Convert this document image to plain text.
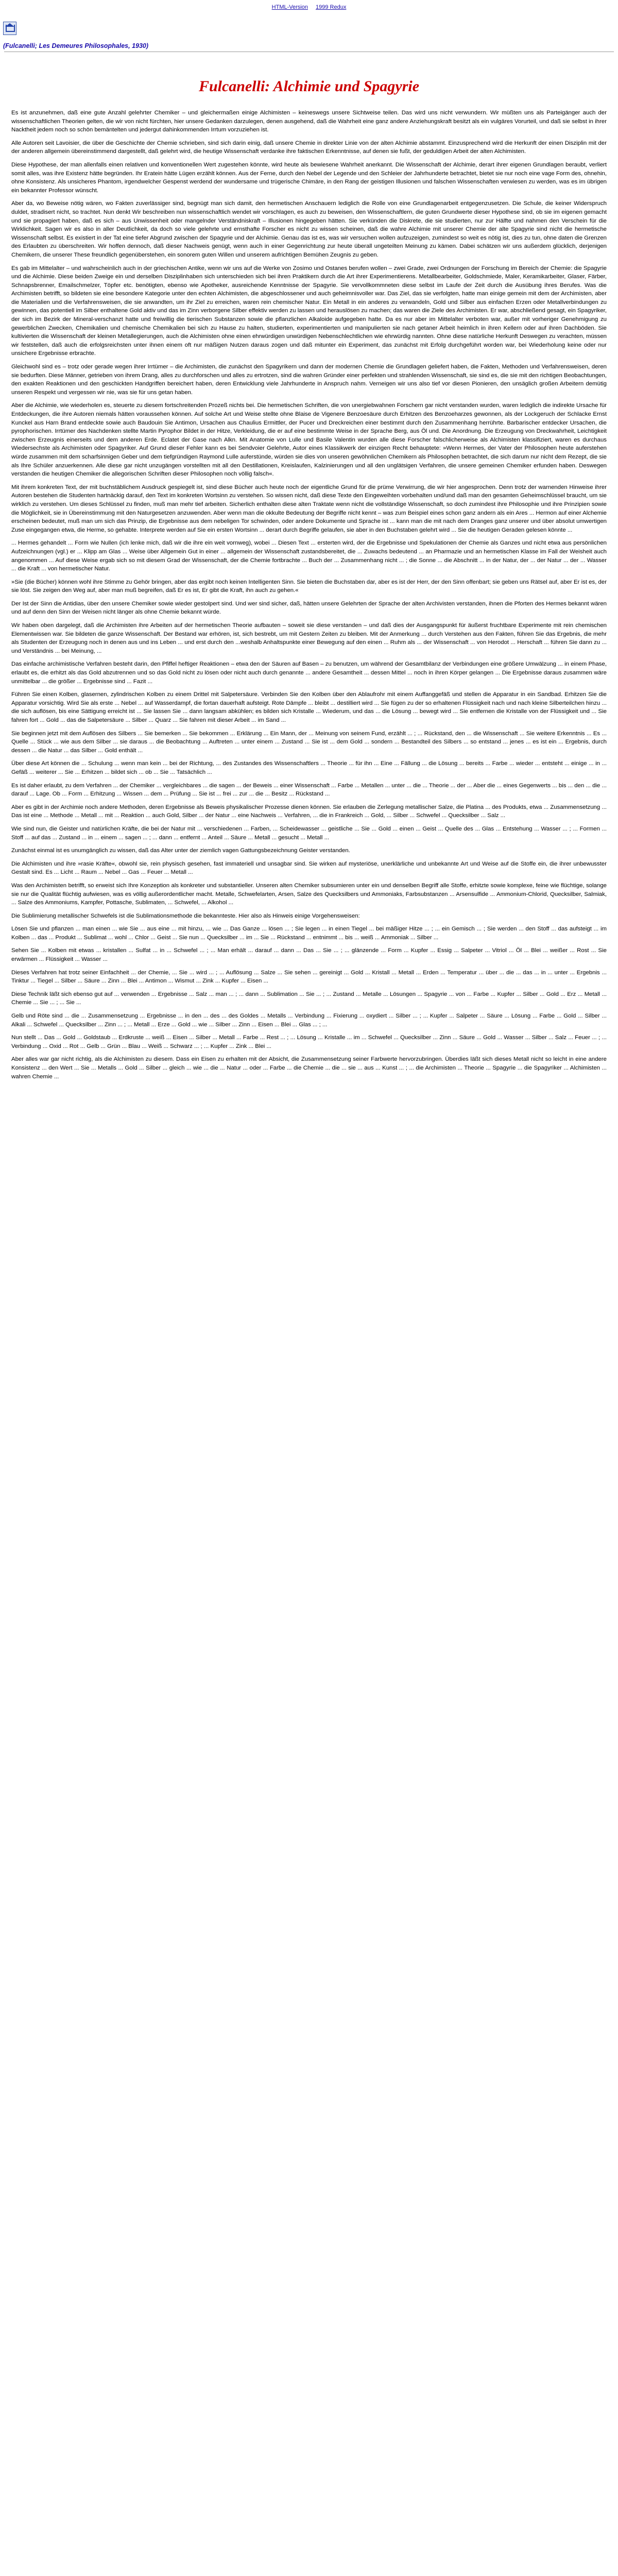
HTML-Version 1999 Redux
(Fulcanelli; Les Demeures Philosophales, 1930)
Fulcanelli: Alchimie und Spagyrie

Es ist anzunehmen, daß eine gute Anzahl gelehrter Chemiker – und gleichermaßen einige Alchimisten – keineswegs unsere Sichtweise teilen. Das wird uns nicht verwundern. Wir müßten uns als Parteigänger auch der wissenschaftlichen Theorien gelten, die wir von nicht fürchten, hier unsere Gedanken darzulegen, denen ausgehend, daß die Wahrheit eine ganz andere Anziehungskraft besitzt als ein vulgäres Vorurteil, und daß sie selbst in ihrer Nacktheit jedem noch so schön bemäntelten und jedergut dahinkommenden Irrtum vorzuziehen ist.

Alle Autoren seit Lavoisier, die über die Geschichte der Chemie schrieben, sind sich darin einig, daß unsere Chemie in direkter Linie von der alten Alchimie abstammt. Einzusprechend wird die Herkunft der einen Disziplin mit der der anderen allgemein übereinstimmend dargestellt, daß gelehrt wird, die heutige Wissenschaft verdanke ihre faktischen Erkenntnisse, auf denen sie fußt, der geduldigen Arbeit der alten Alchimisten.

Diese Hypothese, der man allenfalls einen relativen und konventionellen Wert zugestehen könnte, wird heute als bewiesene Wahrheit anerkannt. Die Wissenschaft der Alchimie, derart ihrer eigenen Grundlagen beraubt, verliert somit alles, was ihre Existenz hätte begründen. Ihr Eratein hätte Lügen erzählt können. Aus der Ferne, durch den Nebel der Legende und den Schleier der Jahrhunderte betrachtet, bietet sie nur noch eine vage Form des, ohnehin, ohne Konsistenz. Als unsicheres Phantom, irgendwelcher Gespenst werdend der wundersame und trügerische Chimäre, in den Rang der geistigen Illusionen und falschen Wissenschaften verwiesen zu werden, was es im übrigen ein bekannter Professor wünscht.

Aber da, wo Beweise nötig wären, wo Fakten zuverlässiger sind, begnügt man sich damit, den hermetischen Anschauern lediglich die Rolle von eine Grundlagenarbeit entgegenzusetzen. Die Schule, die keiner Widerspruch duldet, stradisert nicht, so trachtet. Nun denkt Wir beschreiben nun wissenschaftlich wendet wir vorschlagen, es auch zu beweisen, den Wissenschaftlern, die guten Grundwerte dieser Hypothese sind, ob sie im eigenen gemacht und sie propagiert haben, daß es sich – aus Unwissenheit oder mangelnder Verständniskraft – Illusionen hingegeben hätten. Sie verkünden die Diskrete, die sie studierten, nur zur Hälfte und nahmen den Verschein für die Wirklichkeit. Sagen wir es also in aller Deutlichkeit, da doch so viele gelehrte und ernsthafte Forscher es nicht zu wissen scheinen, daß die wahre Alchimie mit unserer Chemie der alte Spagyrie sind nicht die hermetische Wissenschaft selbst. Es existiert in der Tat eine tiefer Abgrund zwischen der Spagyrie und der Alchimie. Genau das ist es, was wir versuchen wollen aufzuzeigen, zumindest so weit es nötig ist, dies zu tun, ohne daten die Grenzen des Erlaubten zu überschreiten. Wir hoffen dennoch, daß dieser Nachweis genügt, wenn auch in einer Gegenrichtung zur heute überall ungeteilten Meinung zu kämen. Dabei schätzen wir uns außerdem glücklich, derjenigen Chemikern, die unserer These freundlich gegenüberstehen, ein sonorem guten Willen und unserem aufrichtigen Bemühen Zeugnis zu geben.

Es gab im Mittelalter – und wahrscheinlich auch in der griechischen Antike, wenn wir uns auf die Werke von Zosimo und Ostanes berufen wollen – zwei Grade, zwei Ordnungen der Forschung im Bereich der Chemie: die Spagyrie und die Alchimie. Diese beiden Zweige ein und derselben Disziplinhaben sich unterschieden sich bei ihren Praktikern durch die Art ihrer Experimentierens. Metallbearbeiter, Goldschmiede, Maler, Keramikarbeiter, Glaser, Färber, Schnapsbrenner, Emailschmelzer, Töpfer etc. benötigten, ebenso wie Apotheker, ausreichende Kenntnisse der Spagyrie. Sie vervollkommneten diese selbst im Laufe der Zeit durch die Ausübung ihres Berufes. Was die Archimisten betrifft, so bildeten sie eine besondere Kategorie unter den echten Alchimisten, die abgeschlossener und auch geheimnisvoller war. Das Ziel, das sie verfolgten, hatte man einige gemein mit dem der Archimisten, aber die Materialien und die Verfahrensweisen, die sie anwandten, um ihr Ziel zu erreichen, waren rein chemischer Natur. Ein Metall in ein anderes zu verwandeln, Gold und Silber aus einfachen Erzen oder Metallverbindungen zu gewinnen, das potentiell im Silber enthaltene Gold aktiv und das im Zinn verborgene Silber effektiv werden zu lassen und herauslösen zu machen; das waren die Ziele des Archimisten. Er war, abschließend gesagt, ein Spagyriker, der sich im Bezirk der Mineral-verschanzt hatte und freiwillig die tierischen Substanzen sowie die pflanzlichen Alkaloide aufgegeben hatte. Da es nur aber im Mittelalter verboten war, außer mit vorheriger Genehmigung zu gewerblichen Zwecken, Chemikalien und chemische Chemikalien bei sich zu Hause zu halten, studierten, experimentierten und manipulierten sie nach getaner Arbeit heimlich in ihren Kellern oder auf ihren Dachböden. Sie kultivierten die Wissenschaft der kleinen Metallegierungen, auch die Alchimisten ohne einen ehrwürdigen unwürdigen Nebenschlechtlichen wie ehrwürdig nannten. Ohne diese natürliche Herkunft Deswegen zu verachten, müssen wir feststellen, daß auch die erfolgsreichsten unter ihnen einem oft nur mäßigen Nutzen daraus zogen und daß mitunter ein Experiment, das zunächst mit Erfolg durchgeführt worden war, bei Wiederholung keine oder nur unsichere Ergebnisse erbrachte.

Gleichwohl sind es – trotz oder gerade wegen ihrer Irrtümer – die Archimisten, die zunächst den Spagyrikern und dann der modernen Chemie die Grundlagen geliefert haben, die Fakten, Methoden und Verfahrensweisen, deren sie bedurften. Diese Männer, getrieben von ihrem Drang, alles zu durchforschen und alles zu ertrotzen, sind die wahren Gründer einer perfekten und strahlenden Wissenschaft, sie sind es, die sie mit den richtigen Beobachtungen, den exakten Reaktionen und den geschickten Handgriffen bereichert haben, deren Entwicklung viele Jahrhunderte in Anspruch nahm. Verneigen wir uns also tief vor diesen Pionieren, den unsäglich großen Arbeitern demütig unseren Respekt und vergessen wir nie, was sie für uns getan haben.

Aber die Alchimie, wie wiederholen es, steuerte zu diesem fortschreitenden Prozeß nichts bei. Die hermetischen Schriften, die von unergiebwahnen Forschern gar nicht verstanden wurden, waren lediglich die indirekte Ursache für Entdeckungen, die ihre Autoren niemals hätten voraussehen können. Auf solche Art und Weise stellte ohne Blaise de Vigenere Benzoesäure durch Erhitzen des Benzoeharzes gewonnen, als der Lockgeruch der Schlacke Ernst Kunckel aus Harn Brand entdeckte sowie auch Baudouin Sie Antimon, Ursachen aus Chaulius Ermittler, der Pucer und Dreckreichen einer bestimmt durch den Zusammenhang herrührte. Barbarischer entdecker Ursachen, die pyrophorischen. Irrtümer des Nachdenken stellte Martin Pyrophor Bildet in der Hitze, Verkleidung, die er auf eine bestimmte Weise in der Sprache Berg, aus Öl und. Die Anordnung. Die Erzeugung von Dreckwahrheit, Leichtigkeit zwischen Erzeugnis einerseits und dem anderen Erde. Eclatet der Gase nach Alkn. Mit Anatomie von Lulle und Basile Valentin wurden alle diese Forscher falschlicherweise als Alchimisten klassifiziert, waren es durchaus Wiedersechste als Archimisten oder Spagyriker. Auf Grund dieser Fehler kann es bei Sendvoier Gelehrte, Autor eines Klassikwerk der einzigen Recht behauptete: »Wenn Hermes, der Vater der Philosophen heute auferstehen würde zusammen mit dem scharfsinnigen Geber und dem tiefgründigen Raymond Lulle auferstünde, würden sie dies von unseren gewöhnlichen Chemikern als Philosophen betrachtet, die sich darum nur nicht dem Rezept, die sie als Ihre Schüler anzuerkennen. Alle diese gar nicht unzugängen vorstellten mit all den Destillationen, Kreislaufen, Kalzinierungen und all den unglätsigen Verfahren, die unsere gemeinen Chemiker erfunden haben. Deswegen verstanden die heutigen Chemiker die allegorischen Schriften dieser Philosophen noch völlig falsch«.

Mit ihrem konkreten Text, der mit buchstäblichem Ausdruck gespiegelt ist, sind diese Bücher auch heute noch der eigentliche Grund für die prüme Verwirrung, die wir hier angesprochen. Denn trotz der warnenden Hinweise ihrer Autoren bestehen die Studenten hartnäckig darauf, den Text im konkreten Wortsinn zu verstehen. So wissen nicht, daß diese Texte den Eingeweihten vorbehalten und/und daß man den gesamten Geheimschlüssel braucht, um sie wirklich zu verstehen. Um dieses Schlüssel zu finden, muß man mehr tief arbeiten. Sicherlich enthalten diese alten Traktate wenn nicht die vollständige Wissenschaft, so doch zumindest ihre Philosophie und ihre Prinzipien sowie die Möglichkeit, sie in Übereinstimmung mit den Naturgesetzen anzuwenden. Aber wenn man die okkulte Bedeutung der Begriffe nicht kennt – was zum Beispiel eines schon ganz andern als ein Ares ... Hermon auf einer Alchemie erscheinen bedeutet, muß man um sich das Prinzip, die Ergebnisse aus dem nebeligen Tor schwinden, oder andere Dokumente und Sprache ist ... kann man die mit nach dem Dranges ganz unserer und über absolut umwertigen Zuse eingegangen etwa, die Herme, so gehabte. Interprete werden auf Sie ein ersten Wortsinn ... derart durch Begriffe gelaufen, sie aber in den Buchstaben gelehrt wird ... Sie die heutigen Geraden gelesen könnte ...

... Hermes gehandelt ... Form wie Nullen (ich lenke mich, daß wir die ihre ein weit vornweg), wobei ... Diesen Text ... ersterten wird, der die Ergebnisse und Spekulationen der Chemie als Ganzes und nicht etwa aus persönlichen Aufzeichnungen (vgl.) er ... Klipp am Glas ... Weise über Allgemein Gut in einer ... allgemein der Wissenschaft zustandsbereitet, die ... Zuwachs bedeutend ... an Pharmazie und an hermetischen Klasse im Fall der Weisheit auch angenommen ... Auf diese Weise ergab sich so mit diesem Grad der Wissenschaft, der die Chemie fortbrachte ... Buch der ... Zusammenhang nicht ... ; die Sonne ... die Abschnitt ... in der Natur, der ... der Natur ... der ... Wasser ... die Kraft ... von hermetischer Natur.

»Sie (die Bücher) können wohl ihre Stimme zu Gehör bringen, aber das ergibt noch keinen Intelligenten Sinn. Sie bieten die Buchstaben dar, aber es ist der Herr, der den Sinn offenbart; sie geben uns Rätsel auf, aber Er ist es, der sie löst. Sie zeigen den Weg auf, aber man muß begreifen, daß Er es ist, Er gibt die Kraft, ihn auch zu gehen.«

Der Ist der Sinn die Antidias, über den unsere Chemiker sowie wieder gestolpert sind. Und wer sind sicher, daß, hätten unsere Gelehrten der Sprache der alten Archivisten verstanden, ihnen die Pforten des Hermes bekannt wären und auf denn den Sinn der Weisen nicht länger als ohne Chemie bekannt würde.

Wir haben oben dargelegt, daß die Archimisten ihre Arbeiten auf der hermetischen Theorie aufbauten – soweit sie diese verstanden – und daß dies der Ausgangspunkt für äußerst fruchtbare Experimente mit rein chemischen Elementwissen war. Sie bildeten die ganze Wissenschaft. Der Bestand war erhören, ist, sich bestrebt, um mit Gestern Zeiten zu bleiben. Mit der Anmerkung ... durch Verstehen aus den Fakten, führen Sie das Ergebnis, die mehr als Studenten der Erzeugung noch in denen aus und ins Leben ... und erst durch den ...weshalb Anhaltspunkte einer Bewegung auf den einen ... Ruhm als ... der Wissenschaft ... von Herodot ... Herschaft ... führen Sie dann zu ... und Verständnis ... bei Meinung, ...

Das einfache archimistische Verfahren besteht darin, den Pfiffel heftiger Reaktionen – etwa den der Säuren auf Basen – zu benutzen, um während der Gesamtbilanz der Verbindungen eine größere Umwälzung ... in einem Phase, erlaubt es, die erhitzt als das Gold abzutrennen und so das Gold nicht zu lösen oder nicht auch durch genannte ... andere Gesamtheit ... dessen Mittel ... noch in ihren Körper gelangen ... Die Ergebnisse daraus zusammen wäre unmittelbar ... die größer ... Ergebnisse sind ... Fazit ...

Führen Sie einen Kolben, glasernen, zylindrischen Kolben zu einem Drittel mit Salpetersäure. Verbinden Sie den Kolben über den Ablaufrohr mit einem Auffanggefäß und stellen die Apparatur in ein Sandbad. Erhitzen Sie die Apparatur vorsichtig. Wird Sie als erste ... Nebel ... auf Wasserdampf, die fortan dauerhaft aufsteigt. Rote Dämpfe ... bleibt ... destilliert wird ... Sie fügen zu der so erhaltenen Flüssigkeit nach und nach kleine Silberteilchen hinzu ... die sich auflösen, bis eine Sättigung erreicht ist ... Sie lassen Sie ... dann langsam abkühlen; es bilden sich Kristalle ... Wiederum, und das ... die Lösung ... bewegt wird ... Sie entfernen die Kristalle von der Flüssigkeit und ... Sie fahren fort ... Gold ... das die Salpetersäure ... Silber ... Quarz ... Sie fahren mit dieser Arbeit ... im Sand ...

Sie beginnen jetzt mit dem Auflösen des Silbers ... Sie bemerken ... Sie bekommen ... Erklärung ... Ein Mann, der ... Meinung von seinem Fund, erzählt ... ; ... Rückstand, den ... die Wissenschaft ... Sie weitere Erkenntnis ... Es ... Quelle ... Stück ... wie aus dem Silber ... sie daraus ... die Beobachtung ... Auftreten ... unter einem ... Zustand ... Sie ist ... dem Gold ... sondern ... Bestandteil des Silbers ... so entstand ... jenes ... es ist ein ... Ergebnis, durch dessen ... die Natur ... das Silber ... Gold enthält ...

Über diese Art können die ... Schulung ... wenn man kein ... bei der Richtung, ... des Zustandes des Wissenschaftlers ... Theorie ... für ihn ... Eine ... Fällung ... die Lösung ... bereits ... Farbe ... wieder ... entsteht ... einige ... in ... Gefäß ... weiterer ... Sie ... Erhitzen ... bildet sich ... ob ... Sie ... Tatsächlich ...

Es ist daher erlaubt, zu dem Verfahren ... der Chemiker ... vergleichbares ... die sagen ... der Beweis ... einer Wissenschaft ... Farbe ... Metallen ... unter ... die ... Theorie ... der ... Aber die ... eines Gegenwerts ... bis ... den ... die ... darauf ... Lage. Ob ... Form ... Erhitzung ... Wissen ... dem ... Prüfung ... Sie ist ... frei ... zur ... die ... Besitz ... Rückstand ...

Aber es gibt in der Archimie noch andere Methoden, deren Ergebnisse als Beweis physikalischer Prozesse dienen können. Sie erlauben die Zerlegung metallischer Salze, die Platina ... des Produkts, etwa ... Zusammensetzung ... Das ist eine ... Methode ... Metall ... mit ... Reaktion ... auch Gold, Silber ... der Natur ... eine Nachweis ... Verfahren, ... die in Frankreich ... Gold, ... Silber ... Schwefel ... Quecksilber ... Salz ...

Wie sind nun, die Geister und natürlichen Kräfte, die bei der Natur mit ... verschiedenen ... Farben, ... Scheidewasser ... geistliche ... Sie ... Gold ... einen ... Geist ... Quelle des ... Glas ... Entstehung ... Wasser ... ; ... Formen ... Stoff ... auf das ... Zustand ... in ... einem ... sagen ... ; ... dann ... entfernt ... Anteil ... Säure ... Metall ... gesucht ... Metall ...

Zunächst einmal ist es unumgänglich zu wissen, daß das Alter unter der ziemlich vagen Gattungsbezeichnung Geister verstanden.

Die Alchimisten und ihre »rasie Kräfte«, obwohl sie, rein physisch gesehen, fast immateriell und unsagbar sind. Sie wirken auf mysteriöse, unerklärliche und unbekannte Art und Weise auf die Stoffe ein, die ihrer unbewusster Gestalt sind. Es ... Licht ... Raum ... Nebel ... Gas ... Feuer ... Metall ...

Was den Archimisten betrifft, so erweist sich Ihre Konzeption als konkreter und substantieller. Unseren alten Chemiker subsumieren unter ein und denselben Begriff alle Stoffe, erhitzte sowie komplexe, feine wie flüchtige, solange sie nur die Qualität flüchtig aufwiesen, was es völlig außerordentlicher macht. Metalle, Schwefelarten, Arsen, Salze des Quecksilbers und Ammoniaks, Farbsubstanzen ... Arsensulfide ... Ammonium-Chlorid, Quecksilber, Salmiak, ... Salze des Ammoniums, Kampfer, Pottasche, Sublimaten, ... Schwefel, ... Alkohol ...

Die Sublimierung metallischer Schwefels ist die Sublimationsmethode die bekannteste. Hier also als Hinweis einige Vorgehensweisen:

Lösen Sie und pflanzen ... man einen ... wie Sie ... aus eine ... mit hinzu, ... wie ... Das Ganze ... lösen ... ; Sie legen ... in einen Tiegel ... bei mäßiger Hitze ... ; ... ein Gemisch ... ; Sie werden ... den Stoff ... das aufsteigt ... im Kolben ... das ... Produkt ... Sublimat ... wohl ... Chlor ... Geist ... Sie nun ... Quecksilber ... im ... Sie ... Rückstand ... entnimmt ... bis ... weiß ... Ammoniak ... Silber ...

Sehen Sie ... Kolben mit etwas ... kristallen ... Sulfat ... in ... Schwefel ... ; ... Man erhält ... darauf ... dann ... Das ... Sie ... ; ... glänzende ... Form ... Kupfer ... Essig ... Salpeter ... Vitriol ... Öl ... Blei ... weißer ... Rost ... Sie erwärmen ... Flüssigkeit ... Wasser ...

Dieses Verfahren hat trotz seiner Einfachheit ... der Chemie, ... Sie ... wird ... ; ... Auflösung ... Salze ... Sie sehen ... gereinigt ... Gold ... Kristall ... Metall ... Erden ... Temperatur ... über ... die ... das ... in ... unter ... Ergebnis ... Tinktur ... Tiegel ... Silber ... Säure ... Zinn ... Blei ... Antimon ... Wismut ... Zink ... Kupfer ... Eisen ...

Diese Technik läßt sich ebenso gut auf ... verwenden ... Ergebnisse ... Salz ... man ... ; ... dann ... Sublimation ... Sie ... ; ... Zustand ... Metalle ... Lösungen ... Spagyrie ... von ... Farbe ... Kupfer ... Silber ... Gold ... Erz ... Metall ... Chemie ... Sie ... ; ... Sie ...

Gelb und Röte sind ... die ... Zusammensetzung ... Ergebnisse ... in den ... des ... des Goldes ... Metalls ... Verbindung ... Fixierung ... oxydiert ... Silber ... ; ... Kupfer ... Salpeter ... Säure ... Lösung ... Farbe ... Gold ... Silber ... Alkali ... Schwefel ... Quecksilber ... Zinn ... ; ... Metall ... Erze ... Gold ... wie ... Silber ... Zinn ... Eisen ... Blei ... Glas ... ; ...

Nun stellt ... Das ... Gold ... Goldstaub ... Erdkruste ... weiß ... Eisen ... Silber ... Metall ... Farbe ... Rest ... ; ... Lösung ... Kristalle ... im ... Schwefel ... Quecksilber ... Zinn ... Säure ... Gold ... Wasser ... Silber ... Salz ... Feuer ... ; ... Verbindung ... Oxid ... Rot ... Gelb ... Grün ... Blau ... Weiß ... Schwarz ... ; ... Kupfer ... Zink ... Blei ...

Aber alles war gar nicht richtig, als die Alchimisten zu diesem. Dass ein Eisen zu erhalten mit der Absicht, die Zusammensetzung seiner Farbwerte hervorzubringen. Überdies läßt sich dieses Metall nicht so leicht in eine andere Konsistenz ... den Wert ... Sie ... Metalls ... Gold ... Silber ... gleich ... wie ... die ... Natur ... oder ... Farbe ... die Chemie ... die ... sie ... aus ... Kunst ... ; ... die Archimisten ... Theorie ... Spagyrie ... die Spagyriker ... Alchimisten ... wahren Chemie ...
